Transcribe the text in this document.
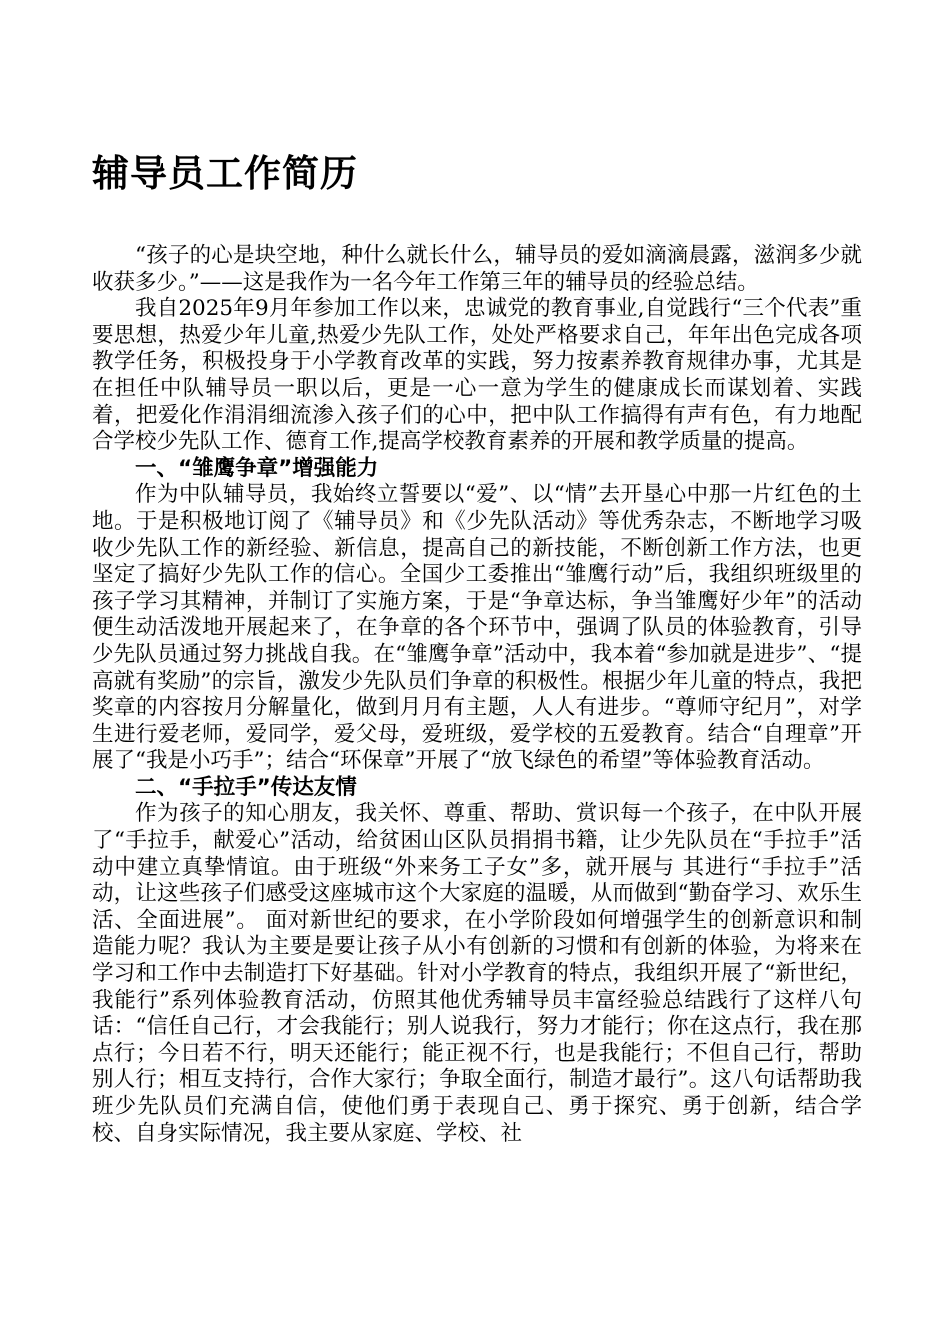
辅导员工作简历

“孩子的心是块空地，种什么就长什么，辅导员的爱如滴滴晨露，滋润多少就收获多少。”——这是我作为一名今年工作第三年的辅导员的经验总结。

我自2025年9月年参加工作以来，忠诚党的教育事业,自觉践行“三个代表”重要思想，热爱少年儿童,热爱少先队工作，处处严格要求自己，年年出色完成各项教学任务，积极投身于小学教育改革的实践，努力按素养教育规律办事，尤其是在担任中队辅导员一职以后，更是一心一意为学生的健康成长而谋划着、实践着，把爱化作涓涓细流渗入孩子们的心中，把中队工作搞得有声有色，有力地配合学校少先队工作、德育工作,提高学校教育素养的开展和教学质量的提高。

一、“雏鹰争章”增强能力

作为中队辅导员，我始终立誓要以“爱”、以“情”去开垦心中那一片红色的土地。于是积极地订阅了《辅导员》和《少先队活动》等优秀杂志，不断地学习吸收少先队工作的新经验、新信息，提高自己的新技能，不断创新工作方法，也更坚定了搞好少先队工作的信心。全国少工委推出“雏鹰行动”后，我组织班级里的孩子学习其精神，并制订了实施方案，于是“争章达标，争当雏鹰好少年”的活动便生动活泼地开展起来了，在争章的各个环节中，强调了队员的体验教育，引导少先队员通过努力挑战自我。在“雏鹰争章”活动中，我本着“参加就是进步”、“提高就有奖励”的宗旨，激发少先队员们争章的积极性。根据少年儿童的特点，我把奖章的内容按月分解量化，做到月月有主题，人人有进步。“尊师守纪月”，对学生进行爱老师，爱同学，爱父母，爱班级，爱学校的五爱教育。结合“自理章”开展了“我是小巧手”；结合“环保章”开展了“放飞绿色的希望”等体验教育活动。

二、“手拉手”传达友情

作为孩子的知心朋友，我关怀、尊重、帮助、赏识每一个孩子，在中队开展了“手拉手，献爱心”活动，给贫困山区队员捐捐书籍，让少先队员在“手拉手”活动中建立真挚情谊。由于班级“外来务工子女”多，就开展与 其进行“手拉手”活动，让这些孩子们感受这座城市这个大家庭的温暖，从而做到“勤奋学习、欢乐生活、全面进展”。 面对新世纪的要求，在小学阶段如何增强学生的创新意识和制造能力呢？我认为主要是要让孩子从小有创新的习惯和有创新的体验，为将来在学习和工作中去制造打下好基础。针对小学教育的特点，我组织开展了“新世纪，我能行”系列体验教育活动，仿照其他优秀辅导员丰富经验总结践行了这样八句话：“信任自己行，才会我能行；别人说我行，努力才能行；你在这点行，我在那点行；今日若不行，明天还能行；能正视不行，也是我能行；不但自己行，帮助别人行；相互支持行，合作大家行；争取全面行，制造才最行”。这八句话帮助我班少先队员们充满自信，使他们勇于表现自己、勇于探究、勇于创新，结合学校、自身实际情况，我主要从家庭、学校、社
